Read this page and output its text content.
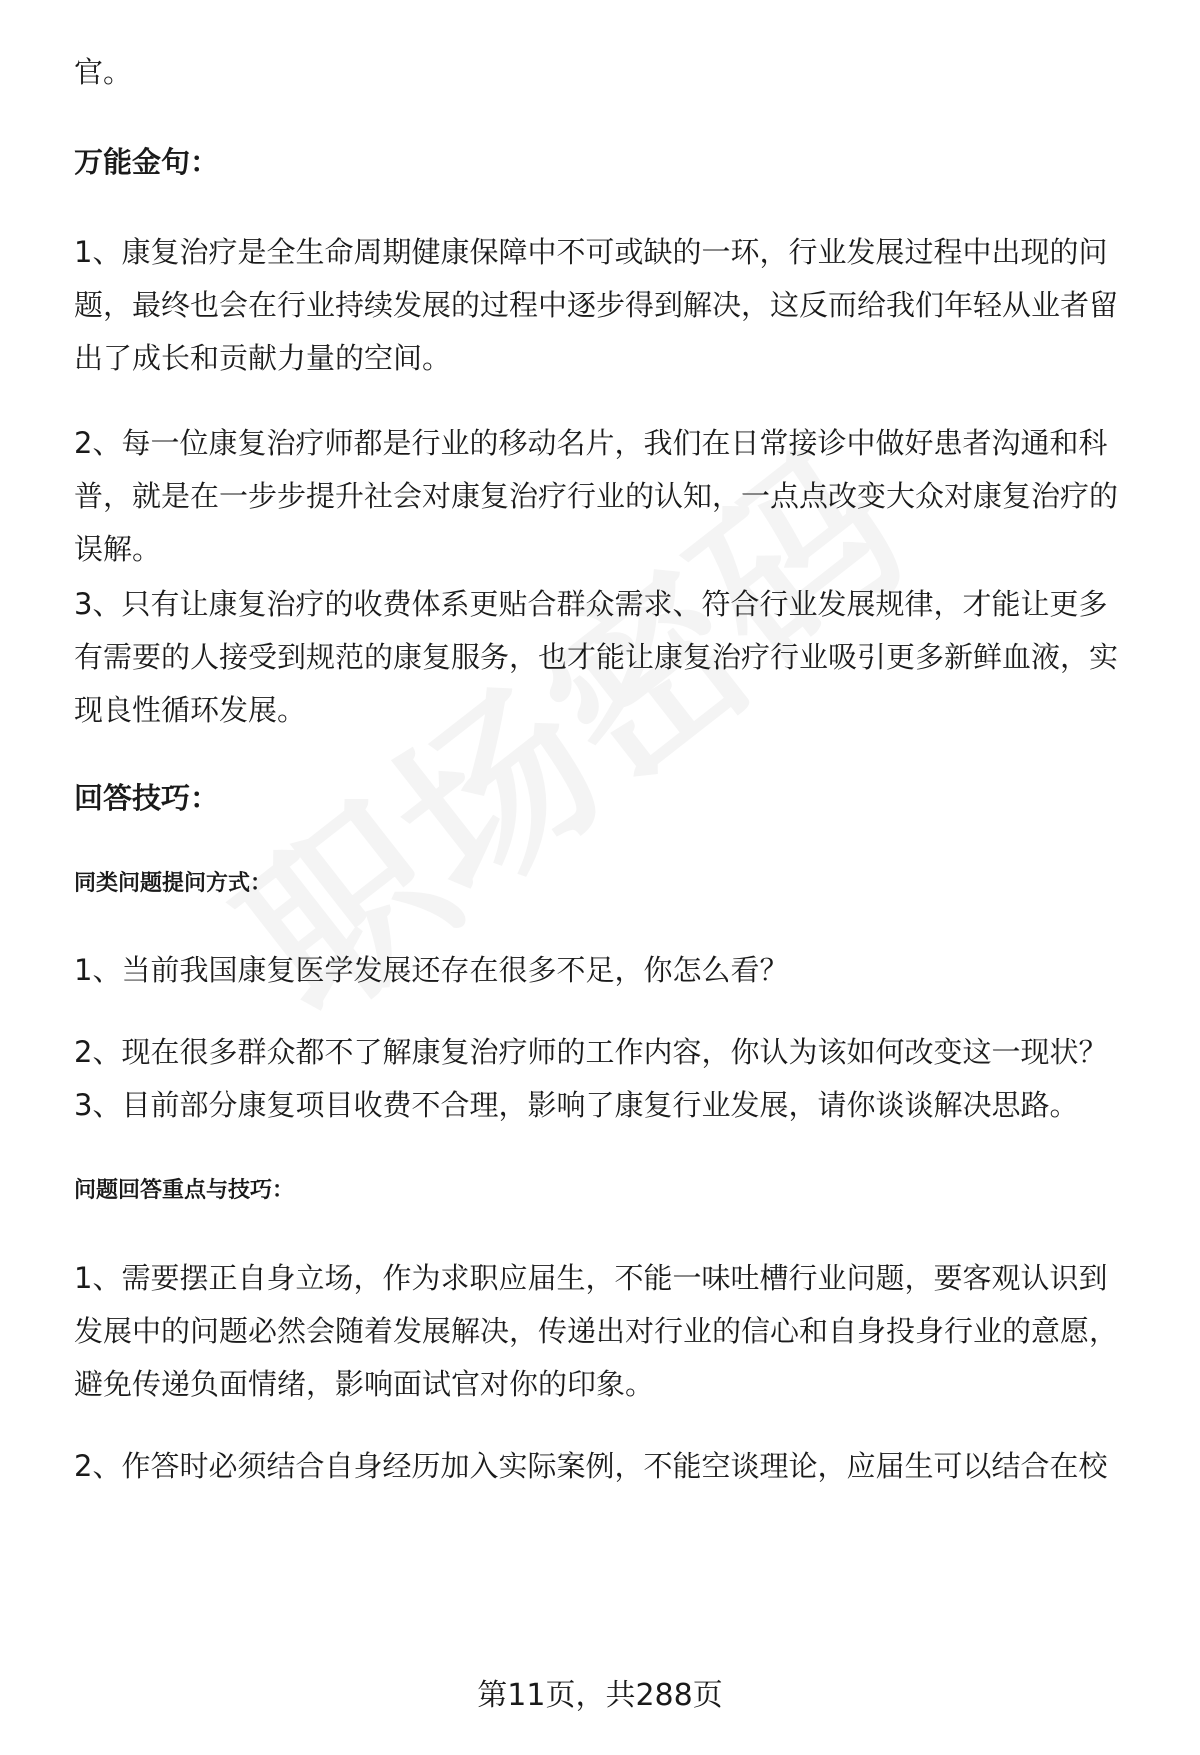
官。
万能金句：
1、康复治疗是全生命周期健康保障中不可或缺的一环，行业发展过程中出现的问
题，最终也会在行业持续发展的过程中逐步得到解决，这反而给我们年轻从业者留
出了成长和贡献力量的空间。
2、每一位康复治疗师都是行业的移动名片，我们在日常接诊中做好患者沟通和科
普，就是在一步步提升社会对康复治疗行业的认知，一点点改变大众对康复治疗的
误解。
3、只有让康复治疗的收费体系更贴合群众需求、符合行业发展规律，才能让更多
有需要的人接受到规范的康复服务，也才能让康复治疗行业吸引更多新鲜血液，实
现良性循环发展。
回答技巧：
同类问题提问方式：
1、当前我国康复医学发展还存在很多不足，你怎么看？
2、现在很多群众都不了解康复治疗师的工作内容，你认为该如何改变这一现状？
3、目前部分康复项目收费不合理，影响了康复行业发展，请你谈谈解决思路。
问题回答重点与技巧：
1、需要摆正自身立场，作为求职应届生，不能一味吐槽行业问题，要客观认识到
发展中的问题必然会随着发展解决，传递出对行业的信心和自身投身行业的意愿，
避免传递负面情绪，影响面试官对你的印象。
2、作答时必须结合自身经历加入实际案例，不能空谈理论，应届生可以结合在校
第11页，共288页
